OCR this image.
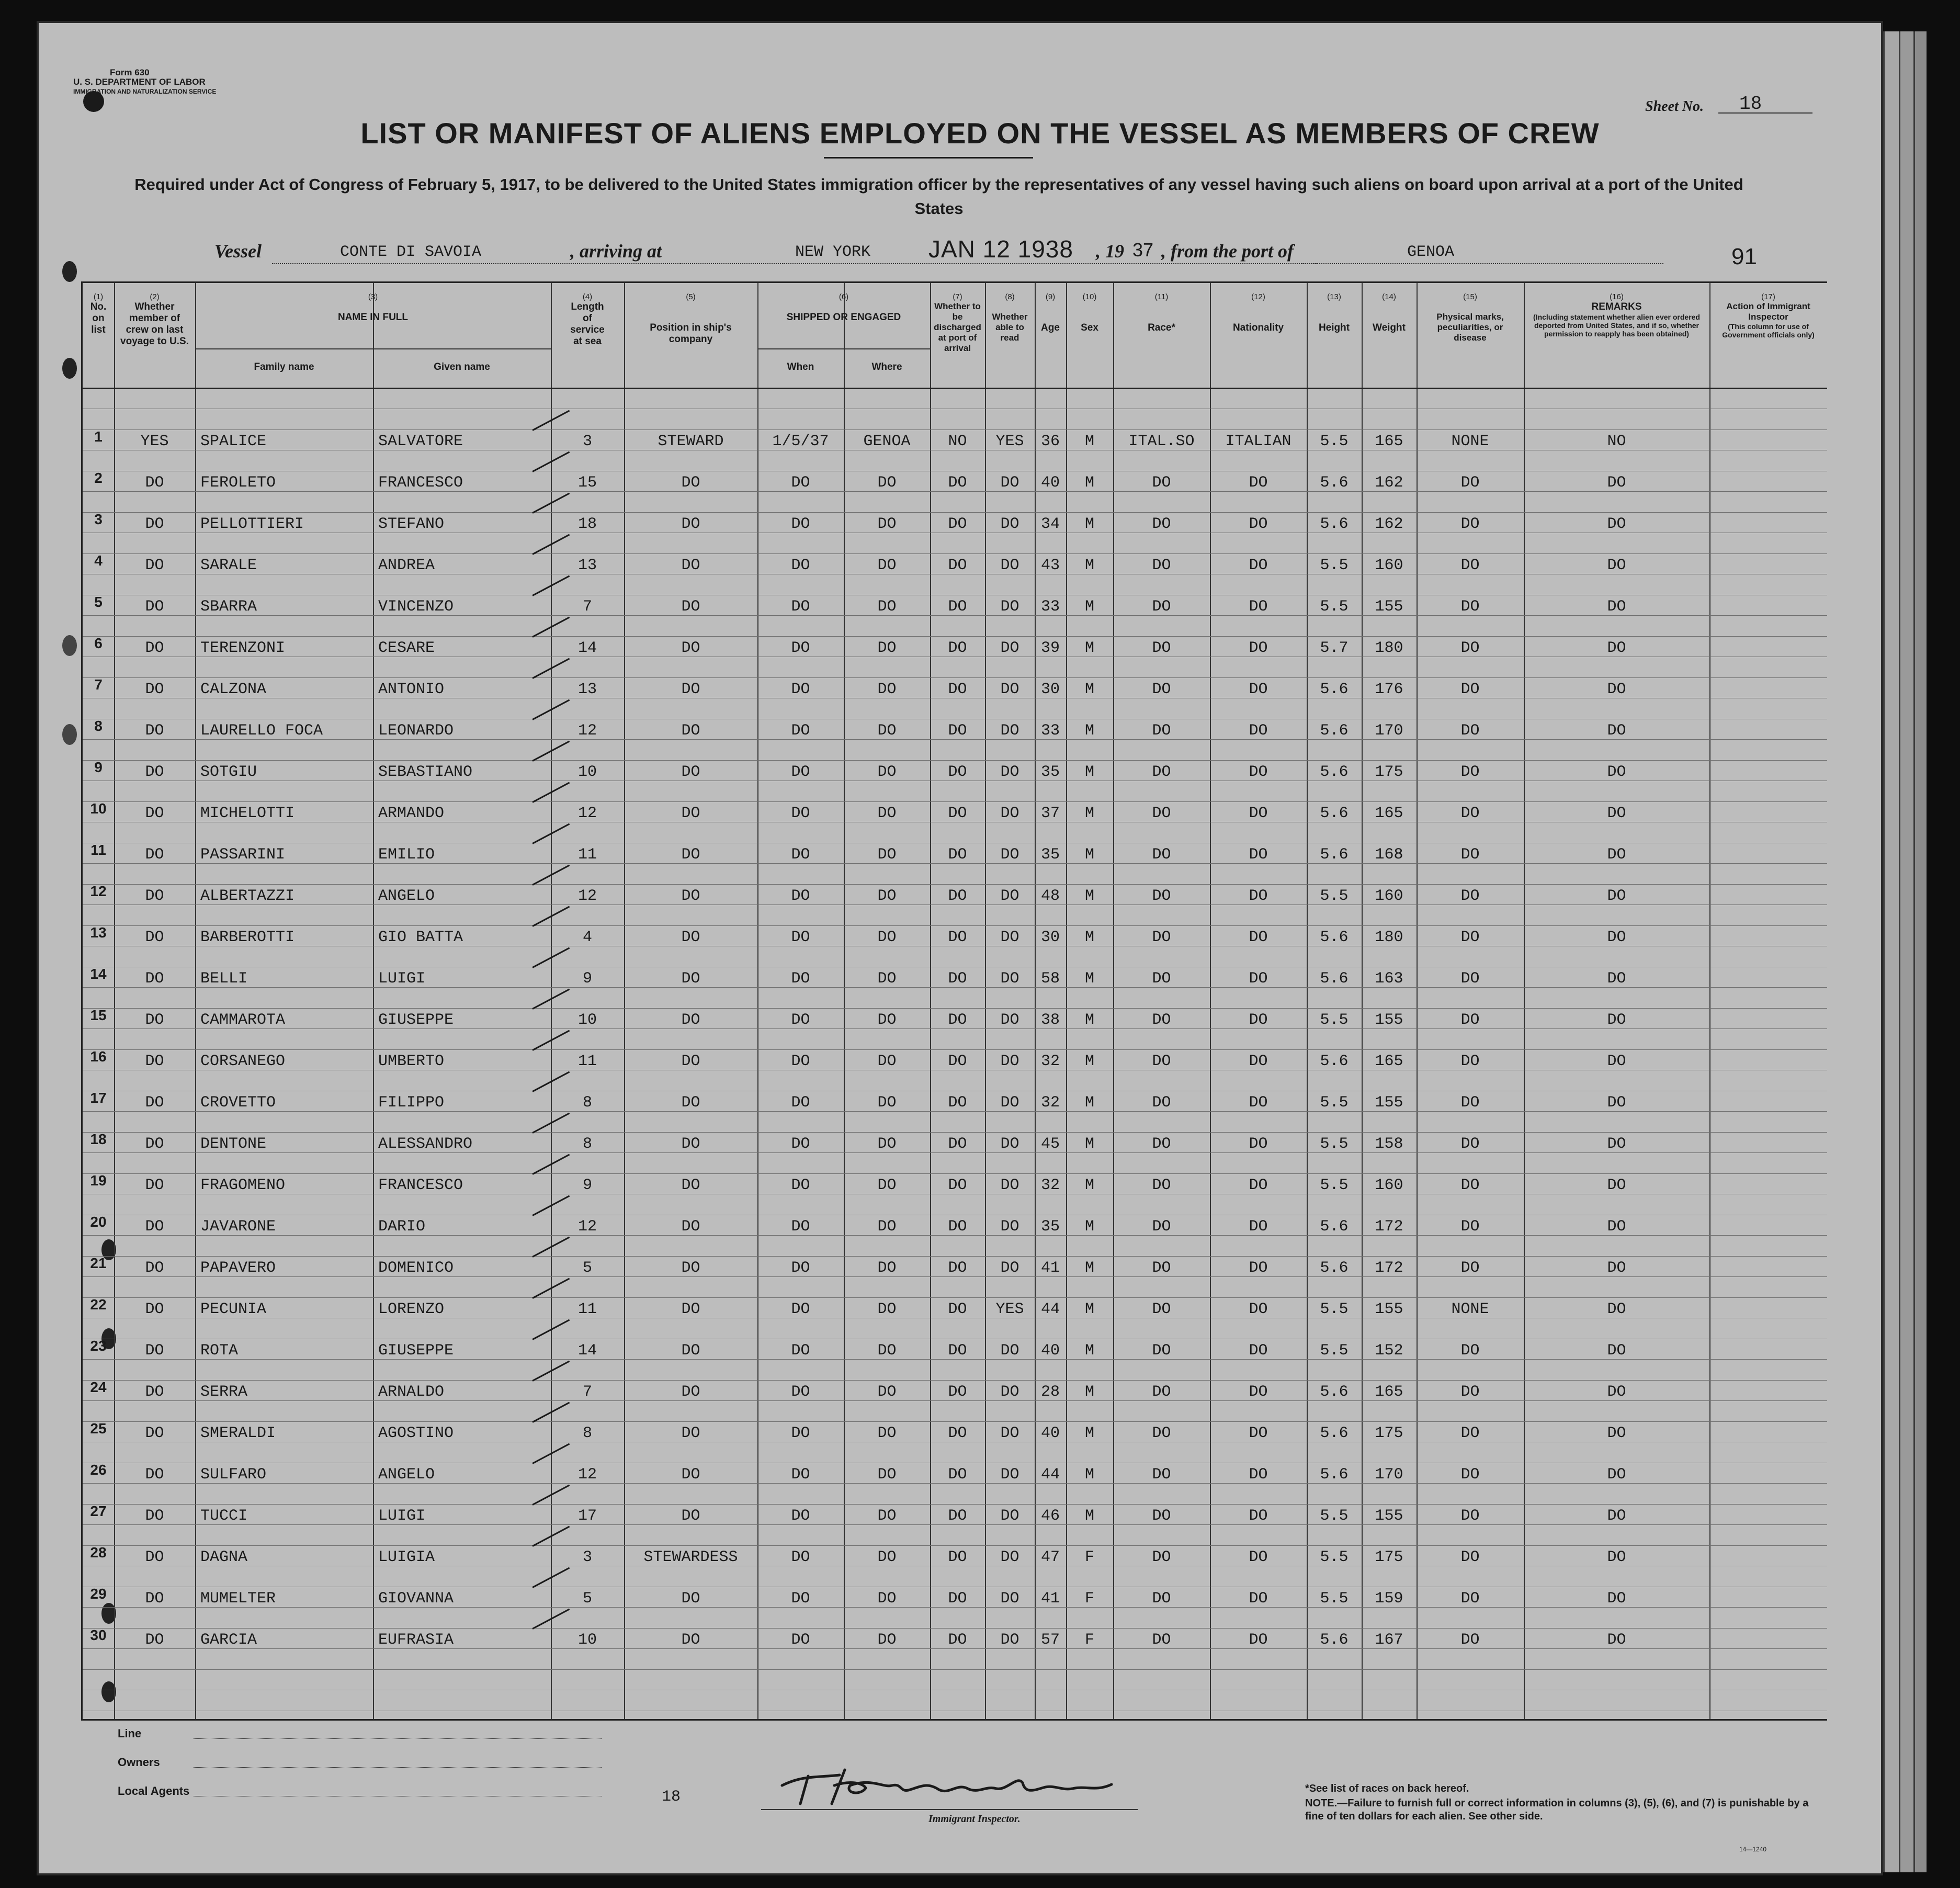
Form 630
U. S. DEPARTMENT OF LABOR
IMMIGRATION AND NATURALIZATION SERVICE
LIST OR MANIFEST OF ALIENS EMPLOYED ON THE VESSEL AS MEMBERS OF CREW
Required under Act of Congress of February 5, 1917, to be delivered to the United States immigration officer by the representatives of any vessel having such aliens on board upon arrival at a port of the United States
Sheet No. 18
Vessel	CONTE DI SAVOIA	, arriving at	NEW YORK JAN 12 1938 , 19 37 , from the port of	GENOA	91
(1)
No. on list
(2)
Whether member of crew on last voyage to U.S.
(3)
NAME IN FULL
Family name	Given name
(4)
Length of service at sea
(5)
Position in ship's company
(6)
SHIPPED OR ENGAGED
When	Where
(7)
Whether to be discharged at port of arrival
(8)
Whether able to read
(9)
Age
(10)
Sex
(11)
Race*
(12)
Nationality
(13)
Height
(14)
Weight
(15)
Physical marks, peculiarities, or disease
(16)
REMARKS
(Including statement whether alien ever ordered deported from United States, and if so, whether permission to reapply has been obtained)
(17)
Action of Immigrant Inspector
(This column for use of Government officials only)
1	YES	SPALICE	SALVATORE	3	STEWARD	1/5/37	GENOA	NO	YES	36	M	ITAL.SO	ITALIAN	5.5	165	NONE	NO
2	DO	FEROLETO	FRANCESCO	15	DO	DO	DO	DO	DO	40	M	DO	DO	5.6	162	DO	DO
3	DO	PELLOTTIERI	STEFANO	18	DO	DO	DO	DO	DO	34	M	DO	DO	5.6	162	DO	DO
4	DO	SARALE	ANDREA	13	DO	DO	DO	DO	DO	43	M	DO	DO	5.5	160	DO	DO
5	DO	SBARRA	VINCENZO	7	DO	DO	DO	DO	DO	33	M	DO	DO	5.5	155	DO	DO
6	DO	TERENZONI	CESARE	14	DO	DO	DO	DO	DO	39	M	DO	DO	5.7	180	DO	DO
7	DO	CALZONA	ANTONIO	13	DO	DO	DO	DO	DO	30	M	DO	DO	5.6	176	DO	DO
8	DO	LAURELLO FOCA	LEONARDO	12	DO	DO	DO	DO	DO	33	M	DO	DO	5.6	170	DO	DO
9	DO	SOTGIU	SEBASTIANO	10	DO	DO	DO	DO	DO	35	M	DO	DO	5.6	175	DO	DO
10	DO	MICHELOTTI	ARMANDO	12	DO	DO	DO	DO	DO	37	M	DO	DO	5.6	165	DO	DO
11	DO	PASSARINI	EMILIO	11	DO	DO	DO	DO	DO	35	M	DO	DO	5.6	168	DO	DO
12	DO	ALBERTAZZI	ANGELO	12	DO	DO	DO	DO	DO	48	M	DO	DO	5.5	160	DO	DO
13	DO	BARBEROTTI	GIO BATTA	4	DO	DO	DO	DO	DO	30	M	DO	DO	5.6	180	DO	DO
14	DO	BELLI	LUIGI	9	DO	DO	DO	DO	DO	58	M	DO	DO	5.6	163	DO	DO
15	DO	CAMMAROTA	GIUSEPPE	10	DO	DO	DO	DO	DO	38	M	DO	DO	5.5	155	DO	DO
16	DO	CORSANEGO	UMBERTO	11	DO	DO	DO	DO	DO	32	M	DO	DO	5.6	165	DO	DO
17	DO	CROVETTO	FILIPPO	8	DO	DO	DO	DO	DO	32	M	DO	DO	5.5	155	DO	DO
18	DO	DENTONE	ALESSANDRO	8	DO	DO	DO	DO	DO	45	M	DO	DO	5.5	158	DO	DO
19	DO	FRAGOMENO	FRANCESCO	9	DO	DO	DO	DO	DO	32	M	DO	DO	5.5	160	DO	DO
20	DO	JAVARONE	DARIO	12	DO	DO	DO	DO	DO	35	M	DO	DO	5.6	172	DO	DO
21	DO	PAPAVERO	DOMENICO	5	DO	DO	DO	DO	DO	41	M	DO	DO	5.6	172	DO	DO
22	DO	PECUNIA	LORENZO	11	DO	DO	DO	DO	YES	44	M	DO	DO	5.5	155	NONE	DO
23	DO	ROTA	GIUSEPPE	14	DO	DO	DO	DO	DO	40	M	DO	DO	5.5	152	DO	DO
24	DO	SERRA	ARNALDO	7	DO	DO	DO	DO	DO	28	M	DO	DO	5.6	165	DO	DO
25	DO	SMERALDI	AGOSTINO	8	DO	DO	DO	DO	DO	40	M	DO	DO	5.6	175	DO	DO
26	DO	SULFARO	ANGELO	12	DO	DO	DO	DO	DO	44	M	DO	DO	5.6	170	DO	DO
27	DO	TUCCI	LUIGI	17	DO	DO	DO	DO	DO	46	M	DO	DO	5.5	155	DO	DO
28	DO	DAGNA	LUIGIA	3	STEWARDESS	DO	DO	DO	DO	47	F	DO	DO	5.5	175	DO	DO
29	DO	MUMELTER	GIOVANNA	5	DO	DO	DO	DO	DO	41	F	DO	DO	5.5	159	DO	DO
30	DO	GARCIA	EUFRASIA	10	DO	DO	DO	DO	DO	57	F	DO	DO	5.6	167	DO	DO
Line
Owners
Local Agents	18
Immigrant Inspector.
*See list of races on back hereof.
NOTE.—Failure to furnish full or correct information in columns (3), (5), (6), and (7) is punishable by a fine of ten dollars for each alien. See other side.
14—1240
